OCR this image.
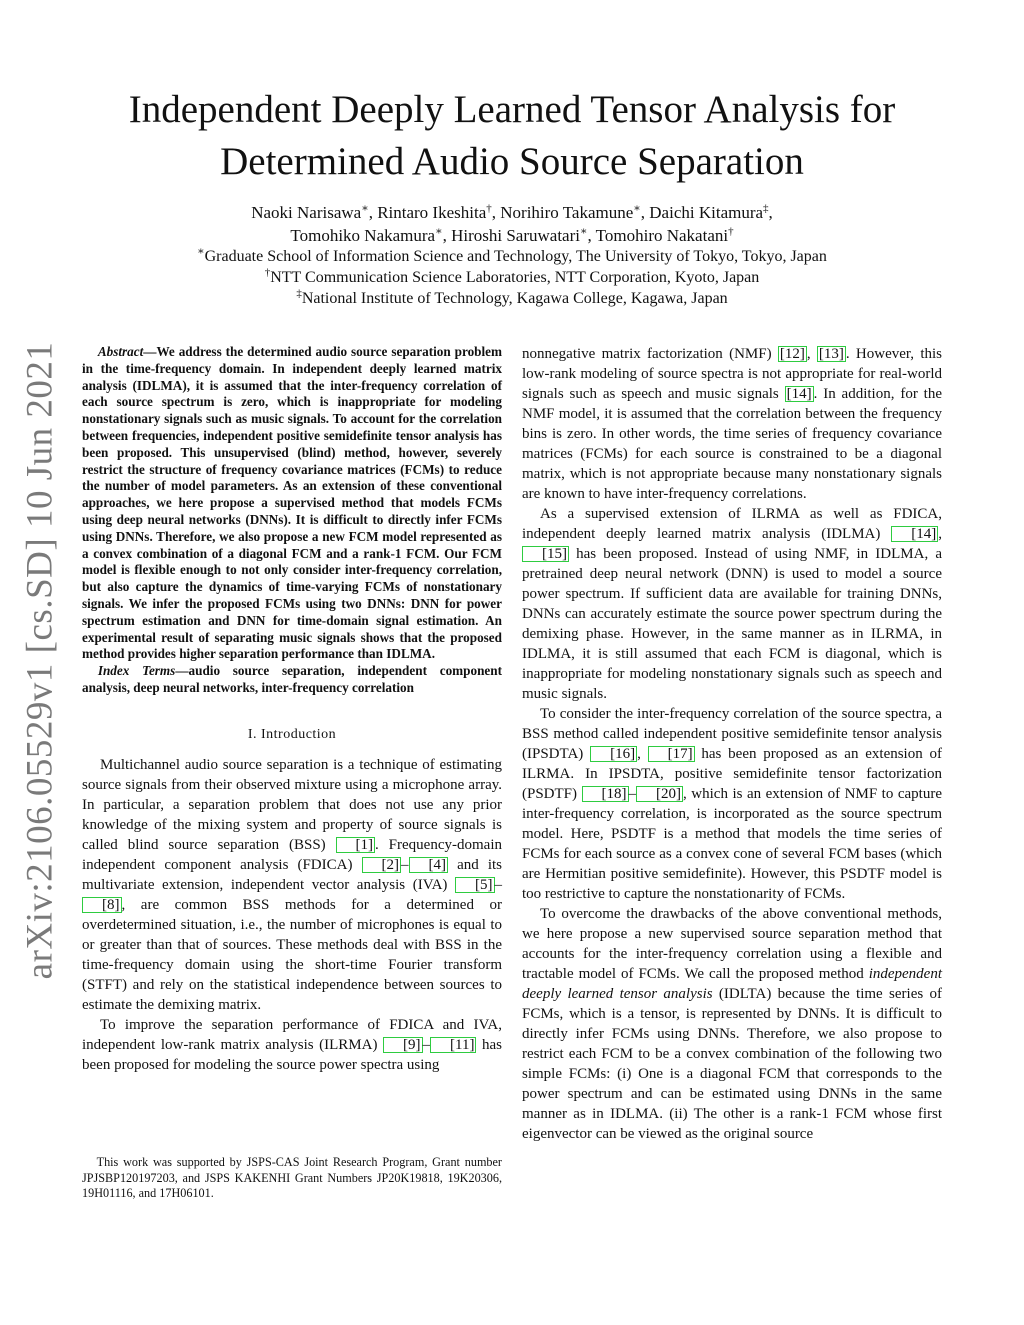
arXiv:2106.05529v1 [cs.SD] 10 Jun 2021
Independent Deeply Learned Tensor Analysis for Determined Audio Source Separation
Naoki Narisawa∗, Rintaro Ikeshita†, Norihiro Takamune∗, Daichi Kitamura‡,
Tomohiko Nakamura∗, Hiroshi Saruwatari∗, Tomohiro Nakatani†
∗Graduate School of Information Science and Technology, The University of Tokyo, Tokyo, Japan
†NTT Communication Science Laboratories, NTT Corporation, Kyoto, Japan
‡National Institute of Technology, Kagawa College, Kagawa, Japan

Abstract—We address the determined audio source separation problem in the time-frequency domain. In independent deeply learned matrix analysis (IDLMA), it is assumed that the inter-frequency correlation of each source spectrum is zero, which is inappropriate for modeling nonstationary signals such as music signals. To account for the correlation between frequencies, independent positive semidefinite tensor analysis has been proposed. This unsupervised (blind) method, however, severely restrict the structure of frequency covariance matrices (FCMs) to reduce the number of model parameters. As an extension of these conventional approaches, we here propose a supervised method that models FCMs using deep neural networks (DNNs). It is difficult to directly infer FCMs using DNNs. Therefore, we also propose a new FCM model represented as a convex combination of a diagonal FCM and a rank-1 FCM. Our FCM model is flexible enough to not only consider inter-frequency correlation, but also capture the dynamics of time-varying FCMs of nonstationary signals. We infer the proposed FCMs using two DNNs: DNN for power spectrum estimation and DNN for time-domain signal estimation. An experimental result of separating music signals shows that the proposed method provides higher separation performance than IDLMA.

Index Terms—audio source separation, independent component analysis, deep neural networks, inter-frequency correlation

I. Introduction

Multichannel audio source separation is a technique of estimating source signals from their observed mixture using a microphone array. In particular, a separation problem that does not use any prior knowledge of the mixing system and property of source signals is called blind source separation (BSS) [1] . Frequency-domain independent component analysis (FDICA) [2] – [4] and its multivariate extension, independent vector analysis (IVA) [5] –[8] , are common BSS methods for a determined or overdetermined situation, i.e., the number of microphones is equal to or greater than that of sources. These methods deal with BSS in the time-frequency domain using the short-time Fourier transform (STFT) and rely on the statistical independence between sources to estimate the demixing matrix.

To improve the separation performance of FDICA and IVA, independent low-rank matrix analysis (ILRMA) [9] – [11] has been proposed for modeling the source power spectra using

This work was supported by JSPS-CAS Joint Research Program, Grant number JPJSBP120197203, and JSPS KAKENHI Grant Numbers JP20K19818, 19K20306, 19H01116, and 17H06101.

nonnegative matrix factorization (NMF) [12] , [13] . However, this low-rank modeling of source spectra is not appropriate for real-world signals such as speech and music signals [14] . In addition, for the NMF model, it is assumed that the correlation between the frequency bins is zero. In other words, the time series of frequency covariance matrices (FCMs) for each source is constrained to be a diagonal matrix, which is not appropriate because many nonstationary signals are known to have inter-frequency correlations.

As a supervised extension of ILRMA as well as FDICA, independent deeply learned matrix analysis (IDLMA) [14] , [15] has been proposed. Instead of using NMF, in IDLMA, a pretrained deep neural network (DNN) is used to model a source power spectrum. If sufficient data are available for training DNNs, DNNs can accurately estimate the source power spectrum during the demixing phase. However, in the same manner as in ILRMA, in IDLMA, it is still assumed that each FCM is diagonal, which is inappropriate for modeling nonstationary signals such as speech and music signals.

To consider the inter-frequency correlation of the source spectra, a BSS method called independent positive semidefinite tensor analysis (IPSDTA) [16] , [17] has been proposed as an extension of ILRMA. In IPSDTA, positive semidefinite tensor factorization (PSDTF) [18] – [20] , which is an extension of NMF to capture inter-frequency correlation, is incorporated as the source spectrum model. Here, PSDTF is a method that models the time series of FCMs for each source as a convex cone of several FCM bases (which are Hermitian positive semidefinite). However, this PSDTF model is too restrictive to capture the nonstationarity of FCMs.

To overcome the drawbacks of the above conventional methods, we here propose a new supervised source separation method that accounts for the inter-frequency correlation using a flexible and tractable model of FCMs. We call the proposed method independent deeply learned tensor analysis (IDLTA) because the time series of FCMs, which is a tensor, is represented by DNNs. It is difficult to directly infer FCMs using DNNs. Therefore, we also propose to restrict each FCM to be a convex combination of the following two simple FCMs: (i) One is a diagonal FCM that corresponds to the power spectrum and can be estimated using DNNs in the same manner as in IDLMA. (ii) The other is a rank-1 FCM whose first eigenvector can be viewed as the original source
